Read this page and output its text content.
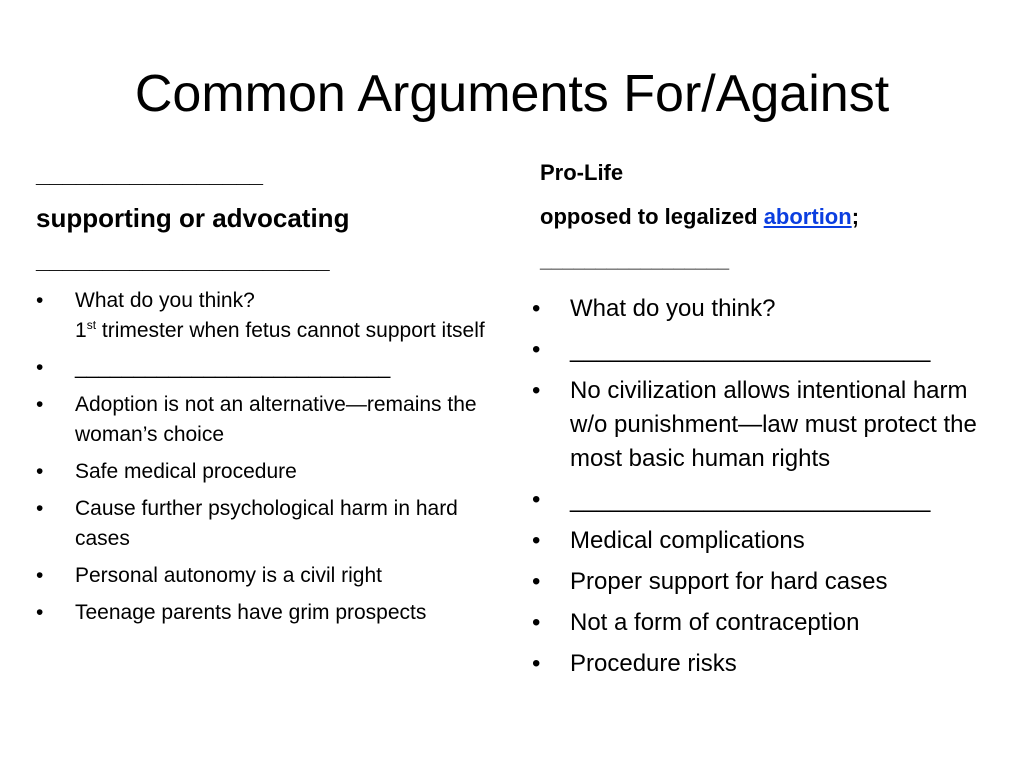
Common Arguments For/Against

_________________

supporting or advocating

______________________

• What do you think?
1st trimester when fetus cannot support itself
• ___________________________
• Adoption is not an alternative—remains the woman’s choice
• Safe medical procedure
• Cause further psychological harm in hard cases
• Personal autonomy is a civil right
• Teenage parents have grim prospects

Pro-Life

opposed to legalized abortion;

_________________

• What do you think?
• ___________________________
• No civilization allows intentional harm w/o punishment—law must protect the most basic human rights
• ___________________________
• Medical complications
• Proper support for hard cases
• Not a form of contraception
• Procedure risks
